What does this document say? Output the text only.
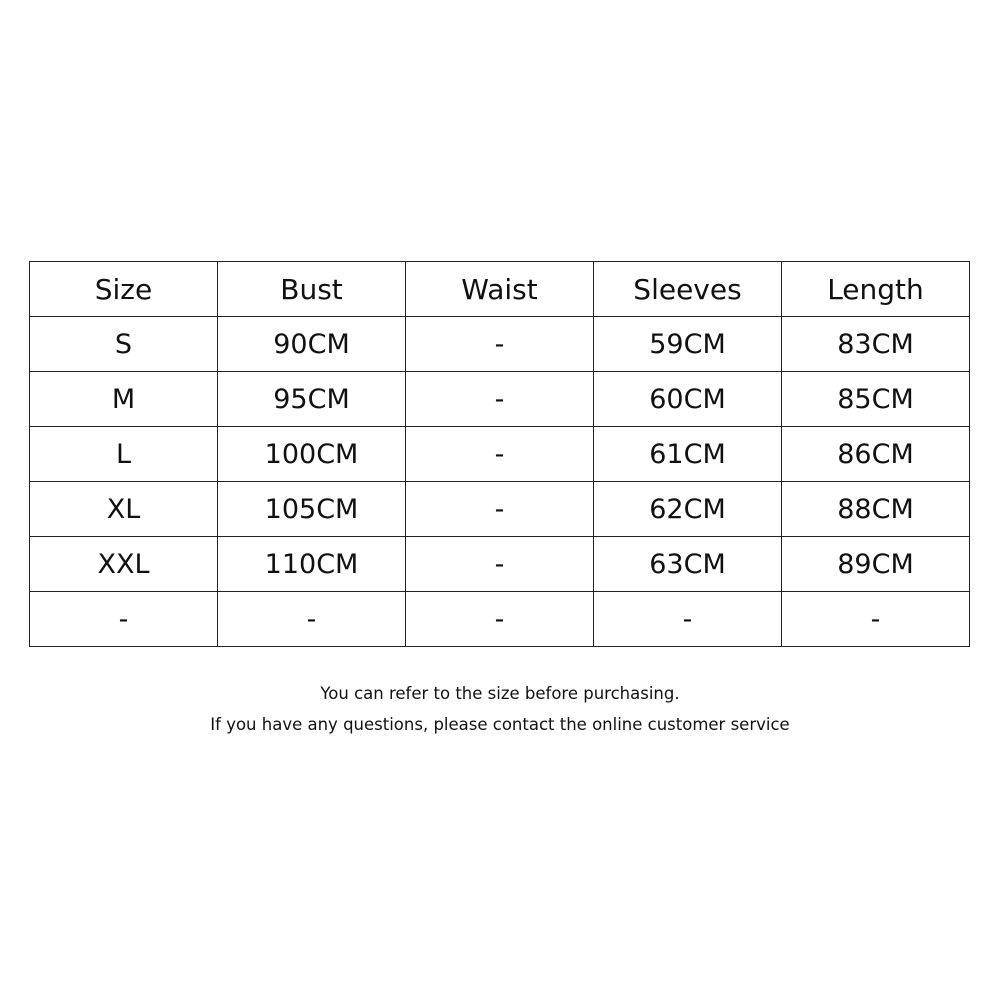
Size	Bust	Waist	Sleeves	Length
S	90CM	-	59CM	83CM
M	95CM	-	60CM	85CM
L	100CM	-	61CM	86CM
XL	105CM	-	62CM	88CM
XXL	110CM	-	63CM	89CM
-	-	-	-	-
You can refer to the size before purchasing.
If you have any questions, please contact the online customer service
